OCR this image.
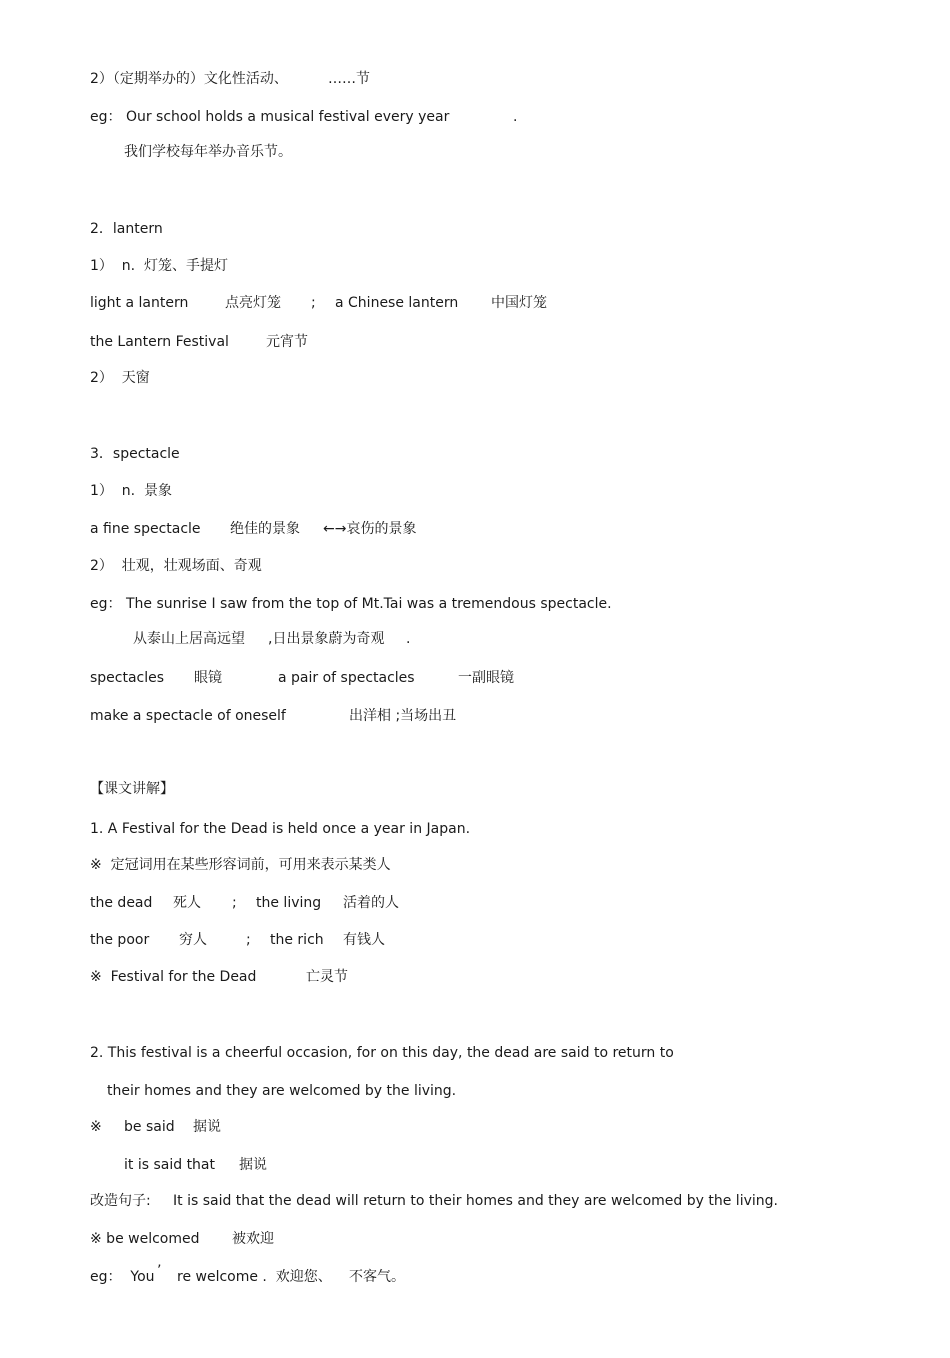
2）（定期举办的）文化性活动、

	……节

eg： Our school holds a musical festival every year

	.

我们学校每年举办音乐节。

2．lantern

1）  n.  灯笼、手提灯

light a lantern

	点亮灯笼

;

a Chinese lantern

中国灯笼

the Lantern Festival

	元宵节

2）  天窗

3．spectacle

1）  n.  景象

a fine spectacle

绝佳的景象

←→哀伤的景象

2）  壮观，壮观场面、奇观

eg： The sunrise I saw from the top of Mt.Tai was a tremendous spectacle.

从泰山上居高远望

,日出景象蔚为奇观

.

spectacles

眼镜

	a pair of spectacles

	一副眼镜

make a spectacle of oneself

	出洋相 ;当场出丑

【课文讲解】

1. A Festival for the Dead is held once a year in Japan.

※  定冠词用在某些形容词前，可用来表示某类人

the dead

死人

;

the living

活着的人

the poor

穷人

	;

the rich

有钱人

※  Festival for the Dead

	亡灵节

2. This festival is a cheerful occasion, for on this day, the dead are said to return to

their homes and they are welcomed by the living.

※

be said

据说

it is said that

据说

改造句子:

It is said that the dead will return to their homes and they are welcomed by the living.

※ be welcomed

被欢迎

eg：  You

’

re welcome .  欢迎您、

不客气。
